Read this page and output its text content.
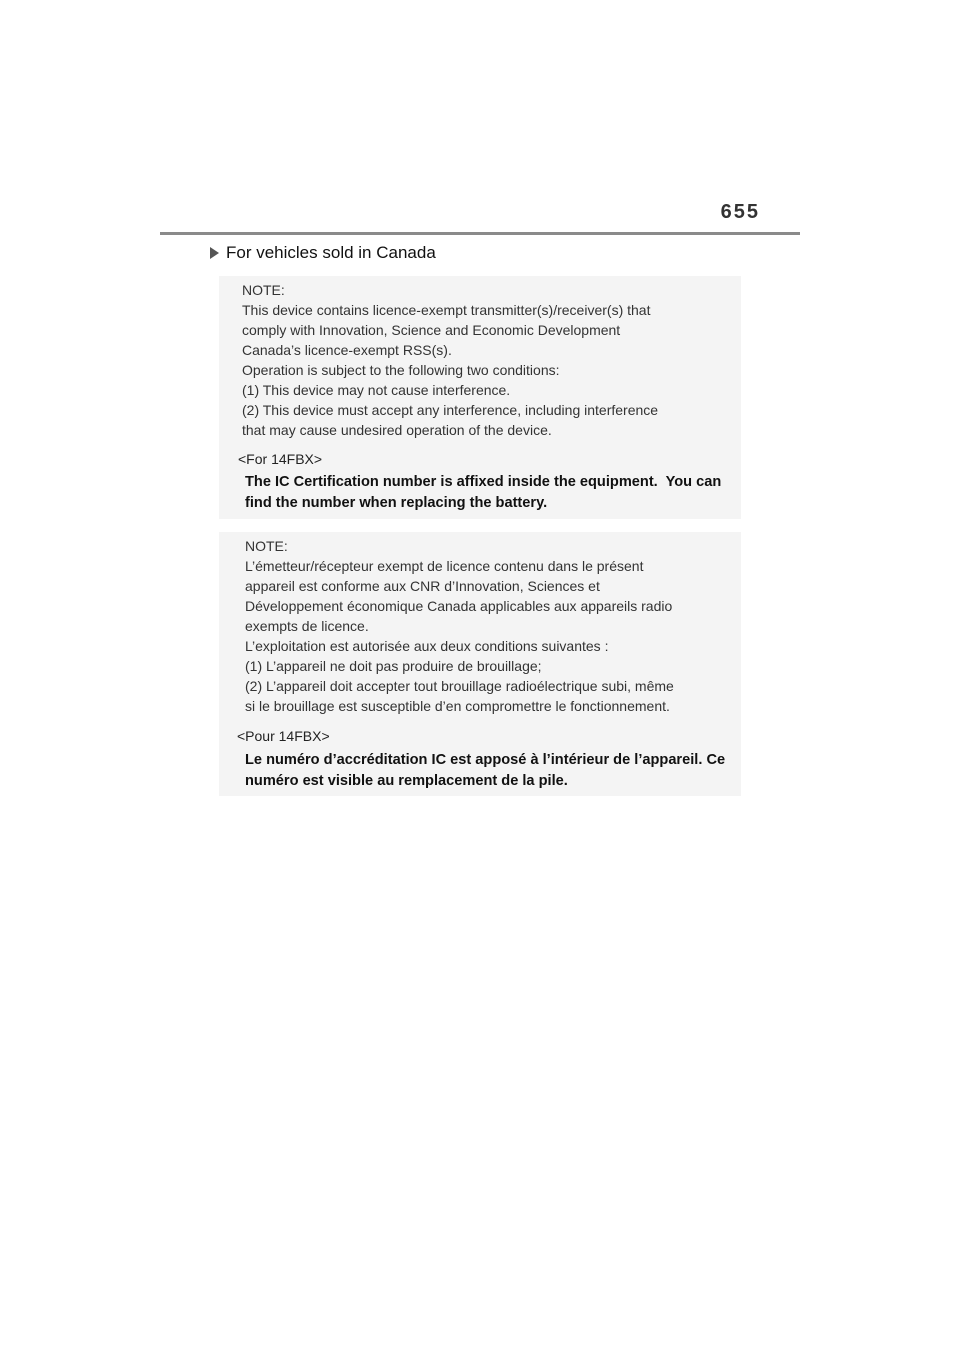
655
For vehicles sold in Canada

NOTE:

This device contains licence-exempt transmitter(s)/receiver(s) that

comply with Innovation, Science and Economic Development

Canada’s licence-exempt RSS(s).

Operation is subject to the following two conditions:

(1) This device may not cause interference.

(2) This device must accept any interference, including interference

that may cause undesired operation of the device.

<For 14FBX>

The IC Certification number is affixed inside the equipment.  You can

find the number when replacing the battery.

NOTE:

L’émetteur/récepteur exempt de licence contenu dans le présent

appareil est conforme aux CNR d’Innovation, Sciences et

Développement économique Canada applicables aux appareils radio

exempts de licence.

L’exploitation est autorisée aux deux conditions suivantes :

(1) L’appareil ne doit pas produire de brouillage;

(2) L’appareil doit accepter tout brouillage radioélectrique subi, même

si le brouillage est susceptible d’en compromettre le fonctionnement.

<Pour 14FBX>

Le numéro d’accréditation IC est apposé à l’intérieur de l’appareil. Ce

numéro est visible au remplacement de la pile.
